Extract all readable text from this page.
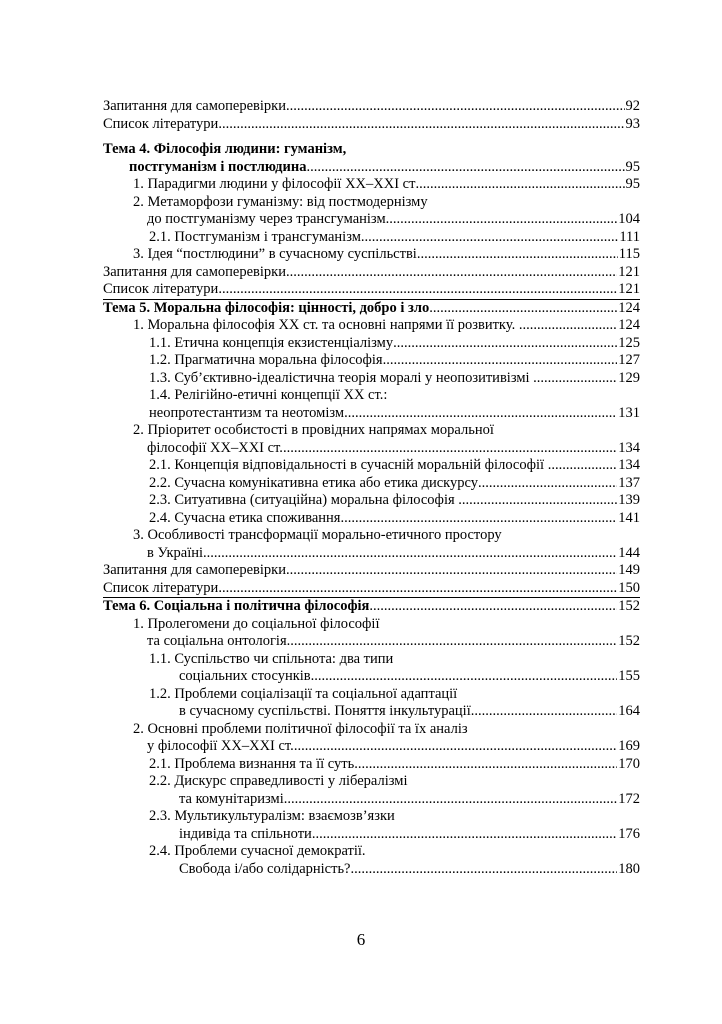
Запитання для самоперевірки .....	92
Список літератури .....	93
Тема 4. Філософія людини: гуманізм,
постгуманізм і постлюдина .....	95
1. Парадигми людини у філософії XX–XXI ст .....	95
2. Метаморфози гуманізму: від постмодернізму
до постгуманізму через трансгуманізм. .....	104
2.1. Постгуманізм і трансгуманізм .....	111
3. Ідея “постлюдини” в сучасному суспільстві. .....	115
Запитання для самоперевірки .....	121
Список літератури .....	121
Тема 5. Моральна філософія: цінності, добро і зло .....	124
1. Моральна філософія XX ст. та основні напрями її розвитку. .....	124
1.1. Етична концепція екзистенціалізму .....	125
1.2. Прагматична моральна філософія .....	127
1.3. Суб’єктивно-ідеалістична теорія моралі у неопозитивізмі .....	129
1.4. Релігійно-етичні концепції XX ст.:
неопротестантизм та неотомізм .....	131
2. Пріоритет особистості в провідних напрямах моральної
філософії XX–XXI ст. .....	134
2.1. Концепція відповідальності в сучасній моральній філософії .....	134
2.2. Сучасна комунікативна етика або етика дискурсу .....	137
2.3. Ситуативна (ситуаційна) моральна філософія .....	139
2.4. Сучасна етика споживання .....	141
3. Особливості трансформації морально-етичного простору
в Україні. .....	144
Запитання для самоперевірки .....	149
Список літератури .....	150
Тема 6. Соціальна і політична філософія .....	152
1. Пролегомени до соціальної філософії
та соціальна онтологія. .....	152
1.1. Суспільство чи спільнота: два типи
соціальних стосунків. .....	155
1.2. Проблеми соціалізації та соціальної адаптації
в сучасному суспільстві. Поняття інкультурації. .....	164
2. Основні проблеми політичної філософії та їх аналіз
у філософії XX–XXI ст. .....	169
2.1. Проблема визнання та її суть. .....	170
2.2. Дискурс справедливості у лібералізмі
та комунітаризмі. .....	172
2.3. Мультикультуралізм: взаємозв’язки
індивіда та спільноти .....	176
2.4. Проблеми сучасної демократії.
Свобода і/або солідарність?. .....	180
6
